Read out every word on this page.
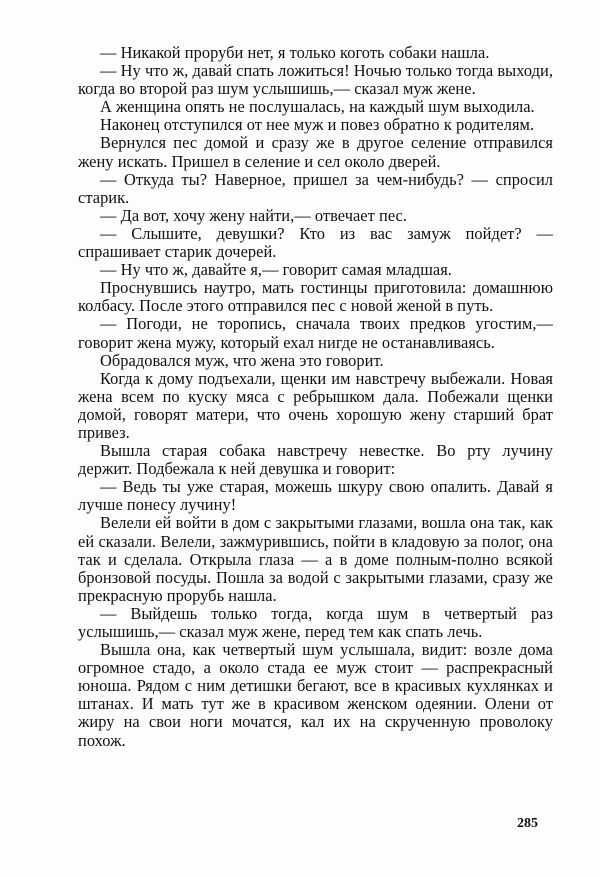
— Никакой проруби нет, я только коготь собаки нашла.

— Ну что ж, давай спать ложиться! Ночью только тогда выходи, когда во второй раз шум услышишь,— сказал муж жене.

А женщина опять не послушалась, на каждый шум выходила.

Наконец отступился от нее муж и повез обратно к родителям.

Вернулся пес домой и сразу же в другое селение отправился жену искать. Пришел в селение и сел около дверей.

— Откуда ты? Наверное, пришел за чем-нибудь? — спросил старик.

— Да вот, хочу жену найти,— отвечает пес.

— Слышите, девушки? Кто из вас замуж пойдет? — спрашивает старик дочерей.

— Ну что ж, давайте я,— говорит самая младшая.

Проснувшись наутро, мать гостинцы приготовила: домашнюю колбасу. После этого отправился пес с новой женой в путь.

— Погоди, не торопись, сначала твоих предков угостим,— говорит жена мужу, который ехал нигде не останавливаясь.

Обрадовался муж, что жена это говорит.

Когда к дому подъехали, щенки им навстречу выбежали. Новая жена всем по куску мяса с ребрышком дала. Побежали щенки домой, говорят матери, что очень хорошую жену старший брат привез.

Вышла старая собака навстречу невестке. Во рту лучину держит. Подбежала к ней девушка и говорит:

— Ведь ты уже старая, можешь шкуру свою опалить. Давай я лучше понесу лучину!

Велели ей войти в дом с закрытыми глазами, вошла она так, как ей сказали. Велели, зажмурившись, пойти в кладовую за полог, она так и сделала. Открыла глаза — а в доме полным-полно всякой бронзовой посуды. Пошла за водой с закрытыми глазами, сразу же прекрасную прорубь нашла.

— Выйдешь только тогда, когда шум в четвертый раз услышишь,— сказал муж жене, перед тем как спать лечь.

Вышла она, как четвертый шум услышала, видит: возле дома огромное стадо, а около стада ее муж стоит — распрекрасный юноша. Рядом с ним детишки бегают, все в красивых кухлянках и штанах. И мать тут же в красивом женском одеянии. Олени от жиру на свои ноги мочатся, кал их на скрученную проволоку похож.

285
